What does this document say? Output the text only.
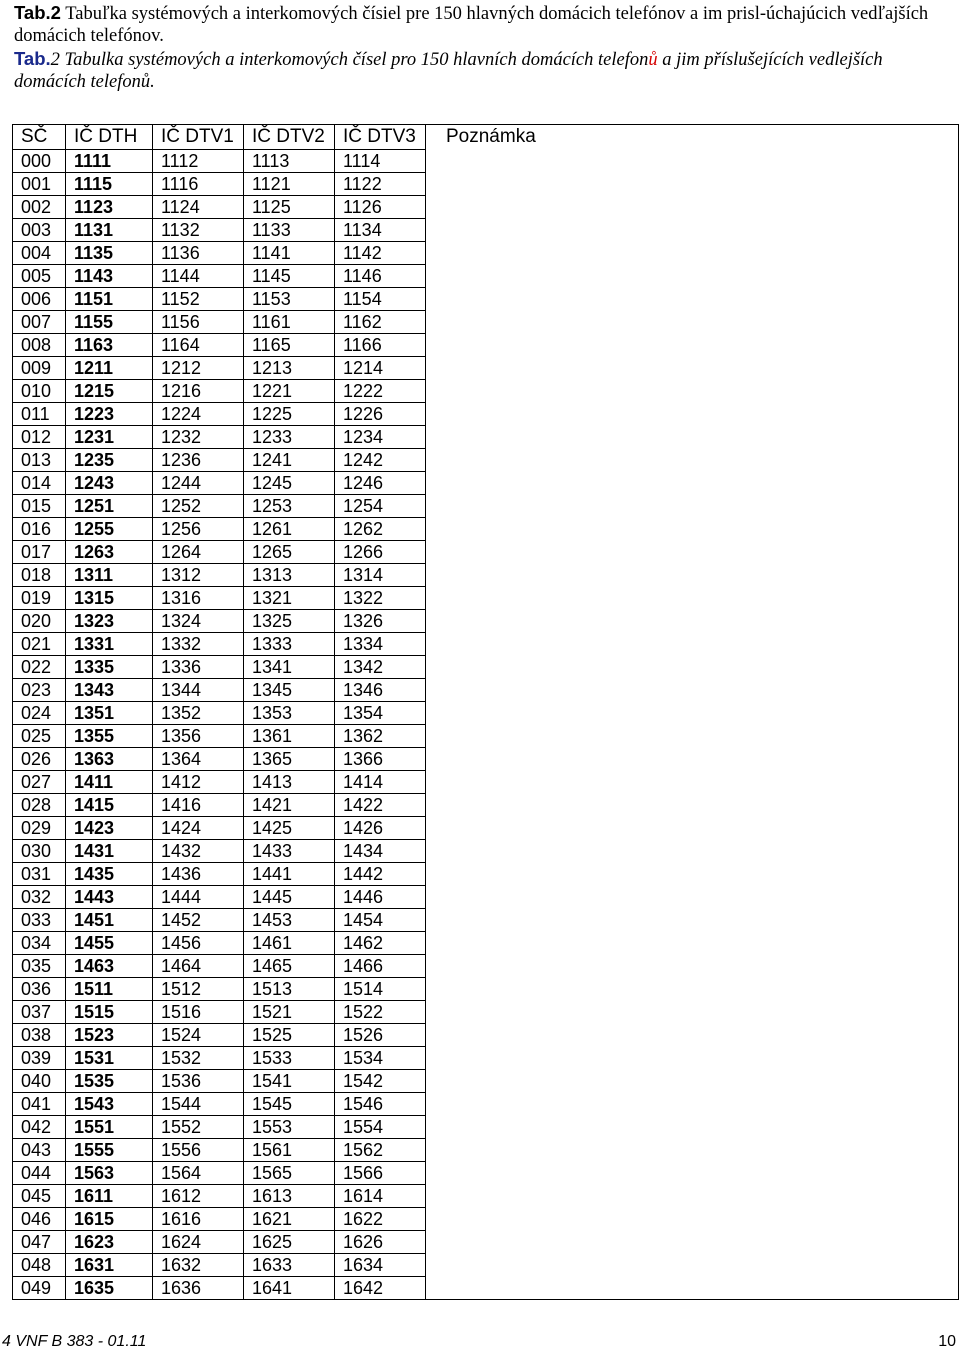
Tab.2 Tabuľka systémových a interkomových čísiel pre 150 hlavných domácich telefónov a im prisl-úchajúcich vedľajších domácich telefónov.
Tab.2 Tabulka systémových a interkomových čísel pro 150 hlavních domácích telefonů a jim příslušejících vedlejších domácích telefonů.
SČ	IČ DTH	IČ DTV1	IČ DTV2	IČ DTV3	Poznámka
000	1111	1112	1113	1114	
001	1115	1116	1121	1122	
002	1123	1124	1125	1126	
003	1131	1132	1133	1134	
004	1135	1136	1141	1142	
005	1143	1144	1145	1146	
006	1151	1152	1153	1154	
007	1155	1156	1161	1162	
008	1163	1164	1165	1166	
009	1211	1212	1213	1214	
010	1215	1216	1221	1222	
011	1223	1224	1225	1226	
012	1231	1232	1233	1234	
013	1235	1236	1241	1242	
014	1243	1244	1245	1246	
015	1251	1252	1253	1254	
016	1255	1256	1261	1262	
017	1263	1264	1265	1266	
018	1311	1312	1313	1314	
019	1315	1316	1321	1322	
020	1323	1324	1325	1326	
021	1331	1332	1333	1334	
022	1335	1336	1341	1342	
023	1343	1344	1345	1346	
024	1351	1352	1353	1354	
025	1355	1356	1361	1362	
026	1363	1364	1365	1366	
027	1411	1412	1413	1414	
028	1415	1416	1421	1422	
029	1423	1424	1425	1426	
030	1431	1432	1433	1434	
031	1435	1436	1441	1442	
032	1443	1444	1445	1446	
033	1451	1452	1453	1454	
034	1455	1456	1461	1462	
035	1463	1464	1465	1466	
036	1511	1512	1513	1514	
037	1515	1516	1521	1522	
038	1523	1524	1525	1526	
039	1531	1532	1533	1534	
040	1535	1536	1541	1542	
041	1543	1544	1545	1546	
042	1551	1552	1553	1554	
043	1555	1556	1561	1562	
044	1563	1564	1565	1566	
045	1611	1612	1613	1614	
046	1615	1616	1621	1622	
047	1623	1624	1625	1626	
048	1631	1632	1633	1634	
049	1635	1636	1641	1642	
4 VNF B 383 - 01.11	10
